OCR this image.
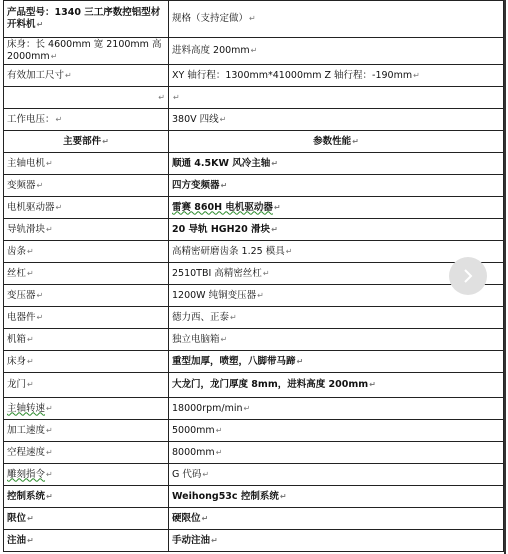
产品型号：1340 三工序数控铝型材开料机↵	规格（支持定做）↵
床身：长 4600mm 宽 2100mm 高 2000mm↵	进料高度 200mm↵
有效加工尺寸↵	XY 轴行程：1300mm*41000mm Z 轴行程：-190mm↵
↵	↵
工作电压：↵	380V 四线↵
主要部件↵	参数性能↵
主轴电机↵	顺通 4.5KW 风冷主轴↵
变频器↵	四方变频器↵
电机驱动器↵	雷赛 860H 电机驱动器↵
导轨滑块↵	20 导轨 HGH20 滑块↵
齿条↵	高精密研磨齿条 1.25 模具↵
丝杠↵	2510TBI 高精密丝杠↵
变压器↵	1200W 纯铜变压器↵
电器件↵	德力西、正泰↵
机箱↵	独立电脑箱↵
床身↵	重型加厚，喷塑，八脚带马蹄↵
龙门↵	大龙门，龙门厚度 8mm，进料高度 200mm↵
主轴转速↵	18000rpm/min↵
加工速度↵	5000mm↵
空程速度↵	8000mm↵
雕刻指令↵	G 代码↵
控制系统↵	Weihong53c 控制系统↵
限位↵	硬限位↵
注油↵	手动注油↵
